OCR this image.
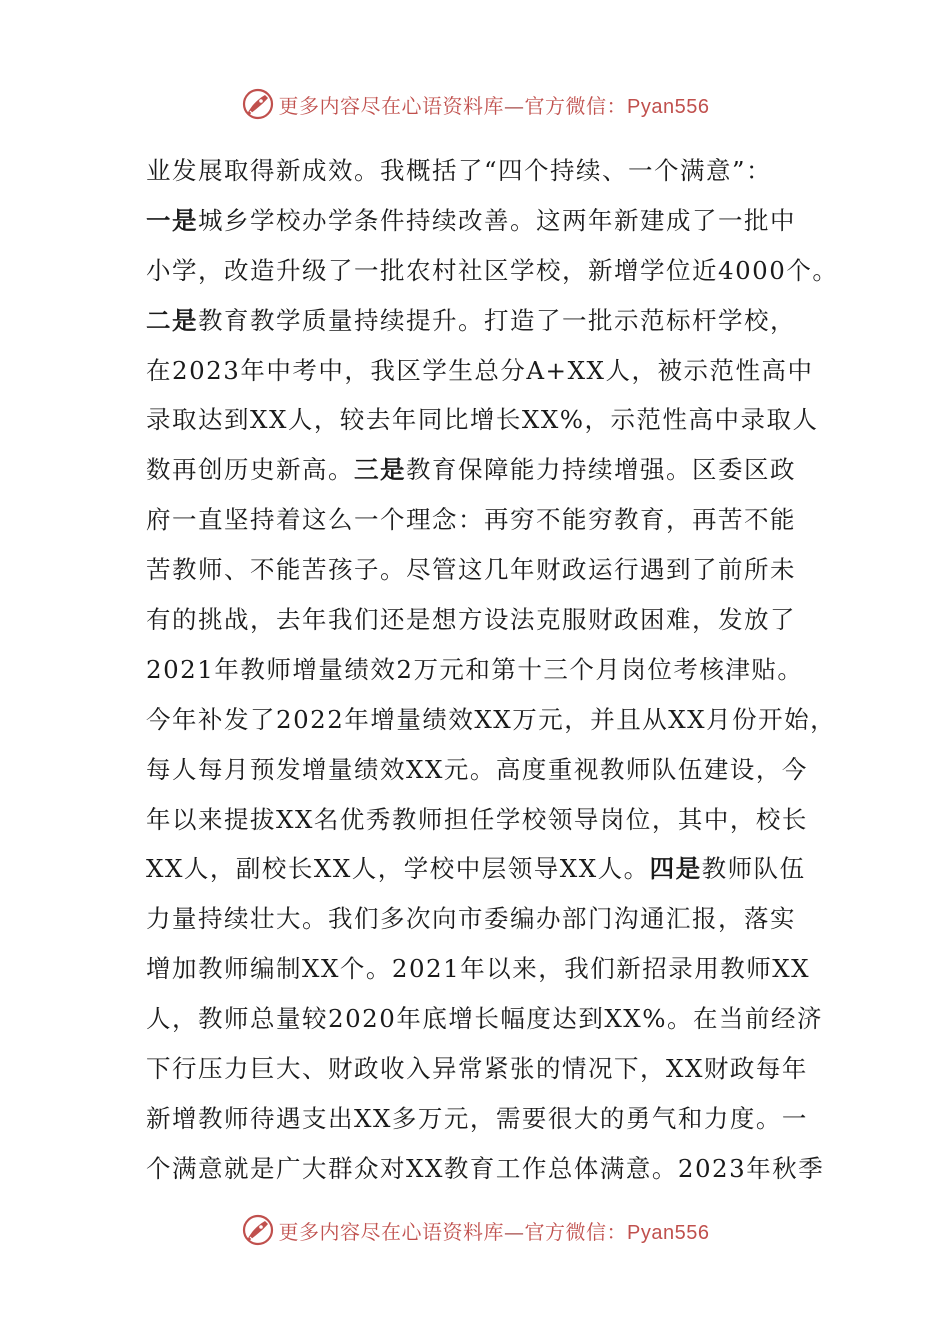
更多内容尽在心语资料库—官方微信：Pyan556
业发展取得新成效。我概括了“四个持续、一个满意”：
一是城乡学校办学条件持续改善。这两年新建成了一批中
小学，改造升级了一批农村社区学校，新增学位近4000个。
二是教育教学质量持续提升。打造了一批示范标杆学校，
在2023年中考中，我区学生总分A+XX人，被示范性高中
录取达到XX人，较去年同比增长XX%，示范性高中录取人
数再创历史新高。三是教育保障能力持续增强。区委区政
府一直坚持着这么一个理念：再穷不能穷教育，再苦不能
苦教师、不能苦孩子。尽管这几年财政运行遇到了前所未
有的挑战，去年我们还是想方设法克服财政困难，发放了
2021年教师增量绩效2万元和第十三个月岗位考核津贴。
今年补发了2022年增量绩效XX万元，并且从XX月份开始，
每人每月预发增量绩效XX元。高度重视教师队伍建设，今
年以来提拔XX名优秀教师担任学校领导岗位，其中，校长
XX人，副校长XX人，学校中层领导XX人。四是教师队伍
力量持续壮大。我们多次向市委编办部门沟通汇报，落实
增加教师编制XX个。2021年以来，我们新招录用教师XX
人，教师总量较2020年底增长幅度达到XX%。在当前经济
下行压力巨大、财政收入异常紧张的情况下，XX财政每年
新增教师待遇支出XX多万元，需要很大的勇气和力度。一
个满意就是广大群众对XX教育工作总体满意。2023年秋季
更多内容尽在心语资料库—官方微信：Pyan556
